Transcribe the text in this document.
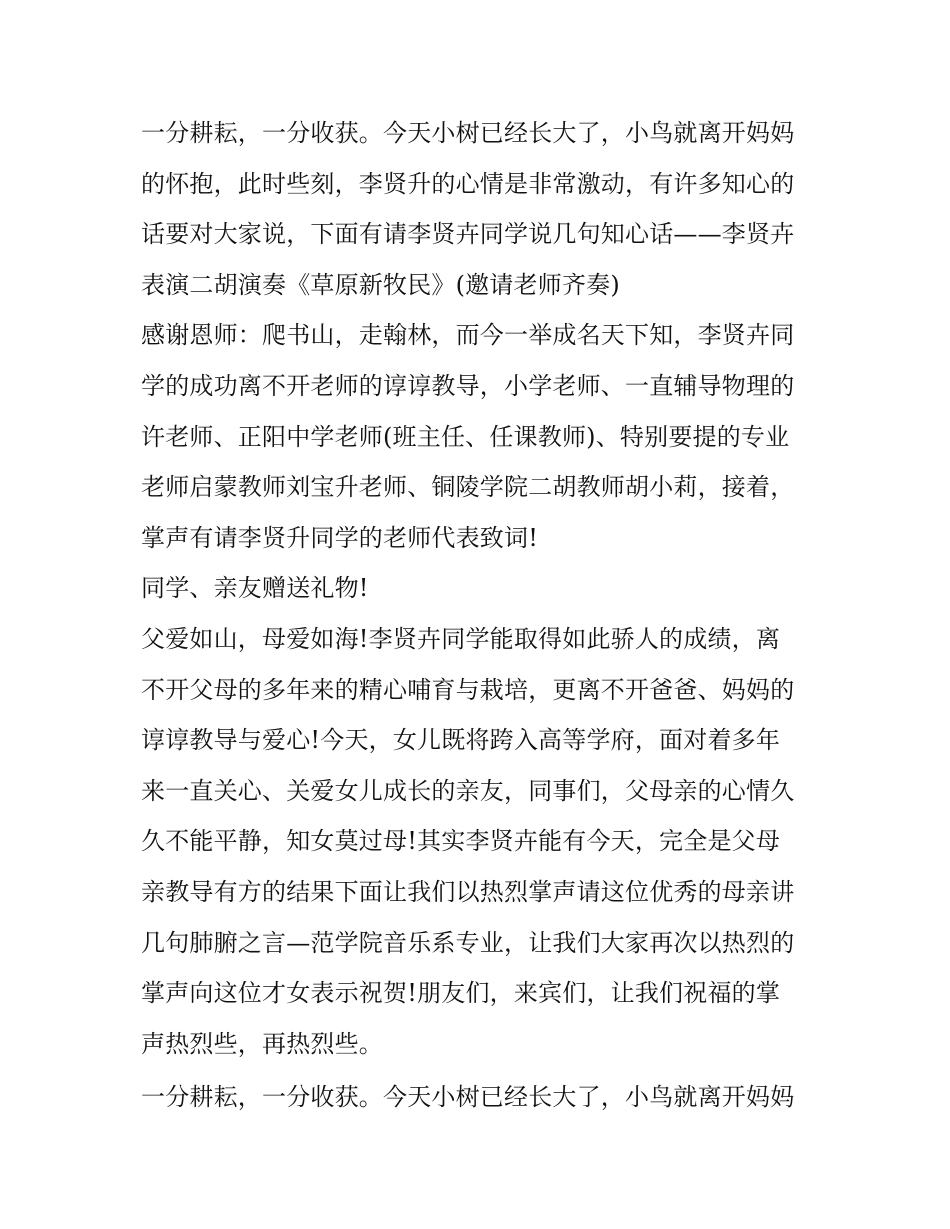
一分耕耘，一分收获。今天小树已经长大了，小鸟就离开妈妈
的怀抱，此时些刻，李贤升的心情是非常激动，有许多知心的
话要对大家说，下面有请李贤卉同学说几句知心话——李贤卉
表演二胡演奏《草原新牧民》(邀请老师齐奏)
感谢恩师：爬书山，走翰林，而今一举成名天下知，李贤卉同
学的成功离不开老师的谆谆教导，小学老师、一直辅导物理的
许老师、正阳中学老师(班主任、任课教师)、特别要提的专业
老师启蒙教师刘宝升老师、铜陵学院二胡教师胡小莉，接着，
掌声有请李贤升同学的老师代表致词!
同学、亲友赠送礼物!
父爱如山，母爱如海!李贤卉同学能取得如此骄人的成绩，离
不开父母的多年来的精心哺育与栽培，更离不开爸爸、妈妈的
谆谆教导与爱心!今天，女儿既将跨入高等学府，面对着多年
来一直关心、关爱女儿成长的亲友，同事们，父母亲的心情久
久不能平静，知女莫过母!其实李贤卉能有今天，完全是父母
亲教导有方的结果下面让我们以热烈掌声请这位优秀的母亲讲
几句肺腑之言—范学院音乐系专业，让我们大家再次以热烈的
掌声向这位才女表示祝贺!朋友们，来宾们，让我们祝福的掌
声热烈些，再热烈些。
一分耕耘，一分收获。今天小树已经长大了，小鸟就离开妈妈
